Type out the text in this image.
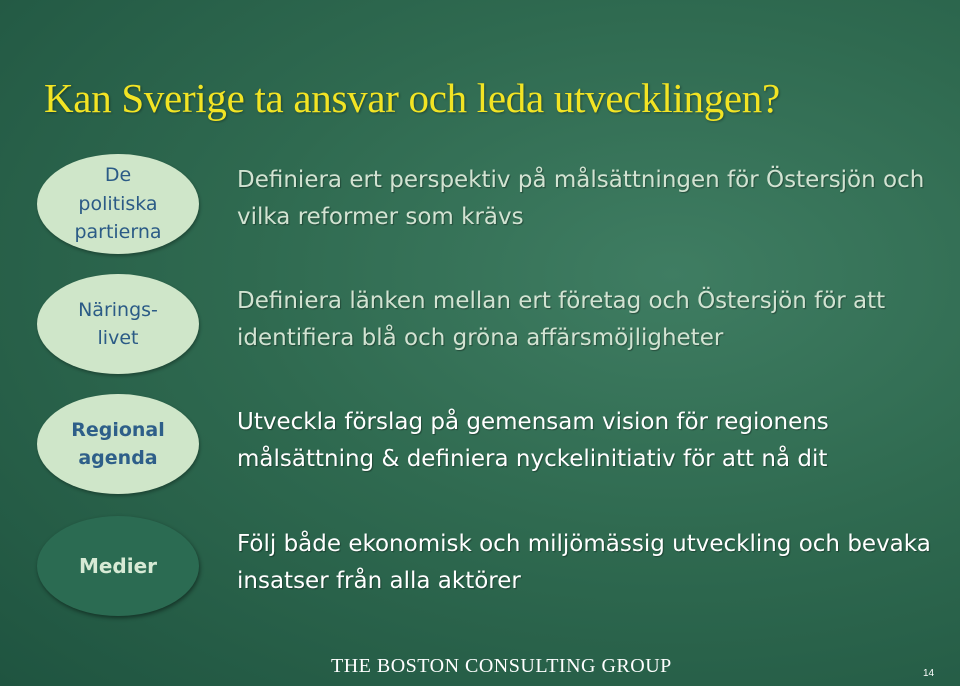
Kan Sverige ta ansvar och leda utvecklingen?
De
politiska
partierna
Närings-
livet
Regional
agenda
Medier
Definiera ert perspektiv på målsättningen för Östersjön och vilka reformer som krävs
Definiera länken mellan ert företag och Östersjön för att identifiera blå och gröna affärsmöjligheter
Utveckla förslag på gemensam vision för regionens målsättning & definiera nyckelinitiativ för att nå dit
Följ både ekonomisk och miljömässig utveckling och bevaka insatser från alla aktörer
THE BOSTON CONSULTING GROUP	14
